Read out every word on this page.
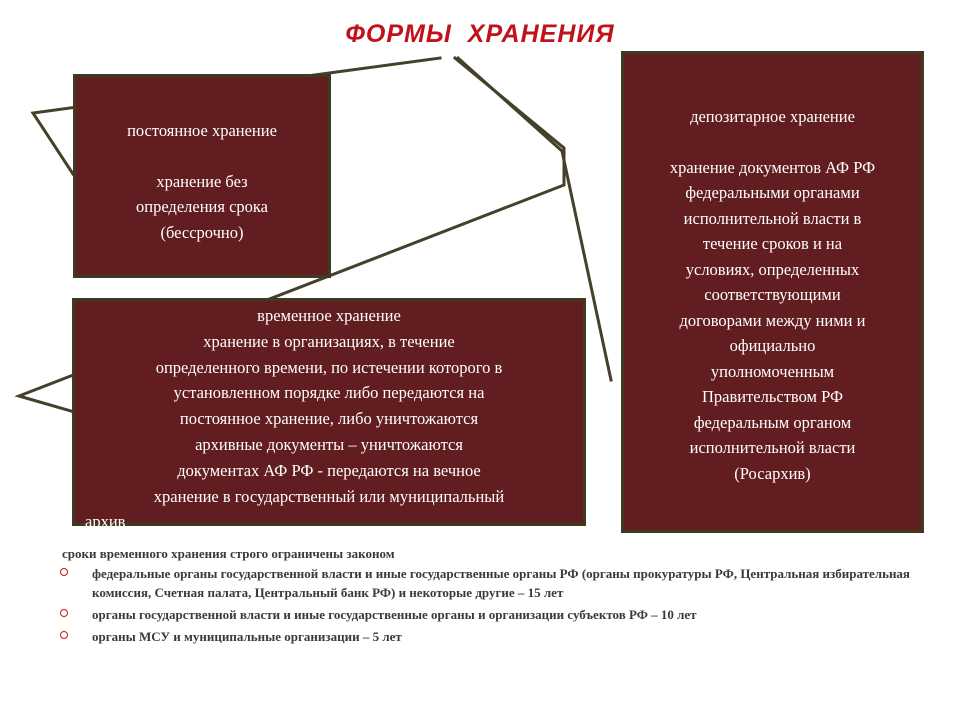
ФОРМЫ ХРАНЕНИЯ
постоянное хранение
хранение без
определения срока
(бессрочно)
временное хранение
хранение в организациях, в течение
определенного времени, по истечении которого в
установленном порядке либо передаются на
постоянное хранение, либо уничтожаются
архивные документы – уничтожаются
документах АФ РФ - передаются на вечное
хранение в государственный или муниципальный
архив
депозитарное хранение
хранение документов АФ РФ
федеральными органами
исполнительной власти в
течение сроков и на
условиях, определенных
соответствующими
договорами между ними и
официально
уполномоченным
Правительством РФ
федеральным органом
исполнительной власти
(Росархив)
сроки временного хранения строго ограничены законом
федеральные органы государственной власти и иные государственные органы РФ (органы прокуратуры РФ, Центральная избирательная комиссия, Счетная палата, Центральный банк РФ) и некоторые другие – 15 лет
органы государственной власти и иные государственные органы и организации субъектов РФ – 10 лет
органы МСУ и муниципальные организации – 5 лет
